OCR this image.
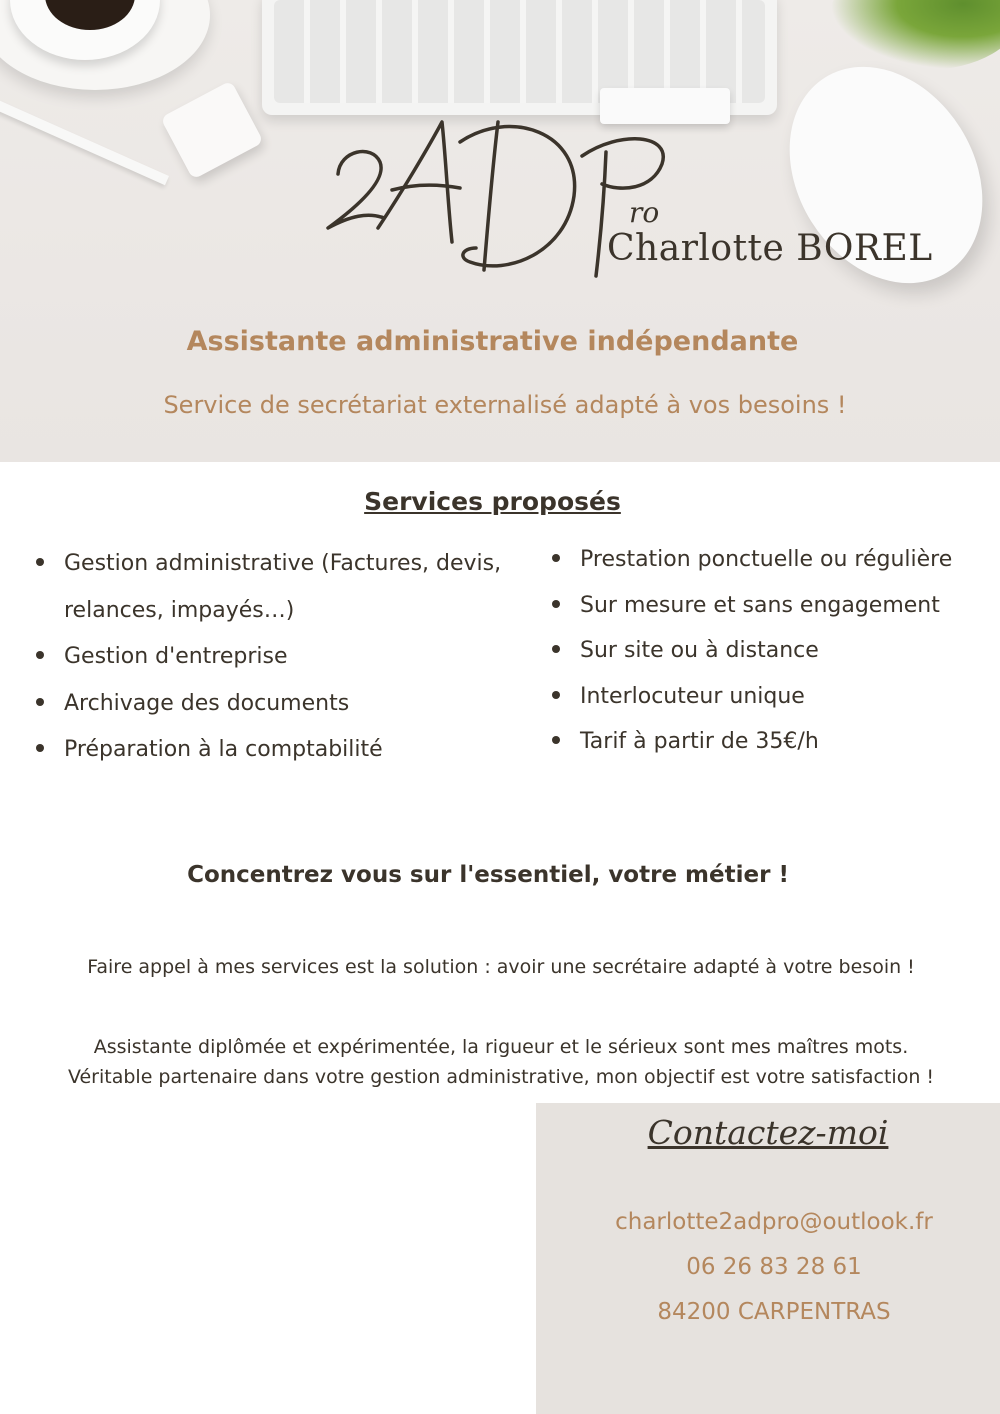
ro
Charlotte BOREL
Assistante administrative indépendante
Service de secrétariat externalisé adapté à vos besoins !
Services proposés
Gestion administrative (Factures, devis, relances, impayés…)
Gestion d'entreprise
Archivage des documents
Préparation à la comptabilité
Prestation ponctuelle ou régulière
Sur mesure et sans engagement
Sur site ou à distance
Interlocuteur unique
Tarif à partir de 35€/h
Concentrez vous sur l'essentiel, votre métier !
Faire appel à mes services est la solution : avoir une secrétaire adapté à votre besoin !
Assistante diplômée et expérimentée, la rigueur et le sérieux sont mes maîtres mots.
Véritable partenaire dans votre gestion administrative, mon objectif est votre satisfaction !
Contactez-moi
charlotte2adpro@outlook.fr
06 26 83 28 61
84200 CARPENTRAS
